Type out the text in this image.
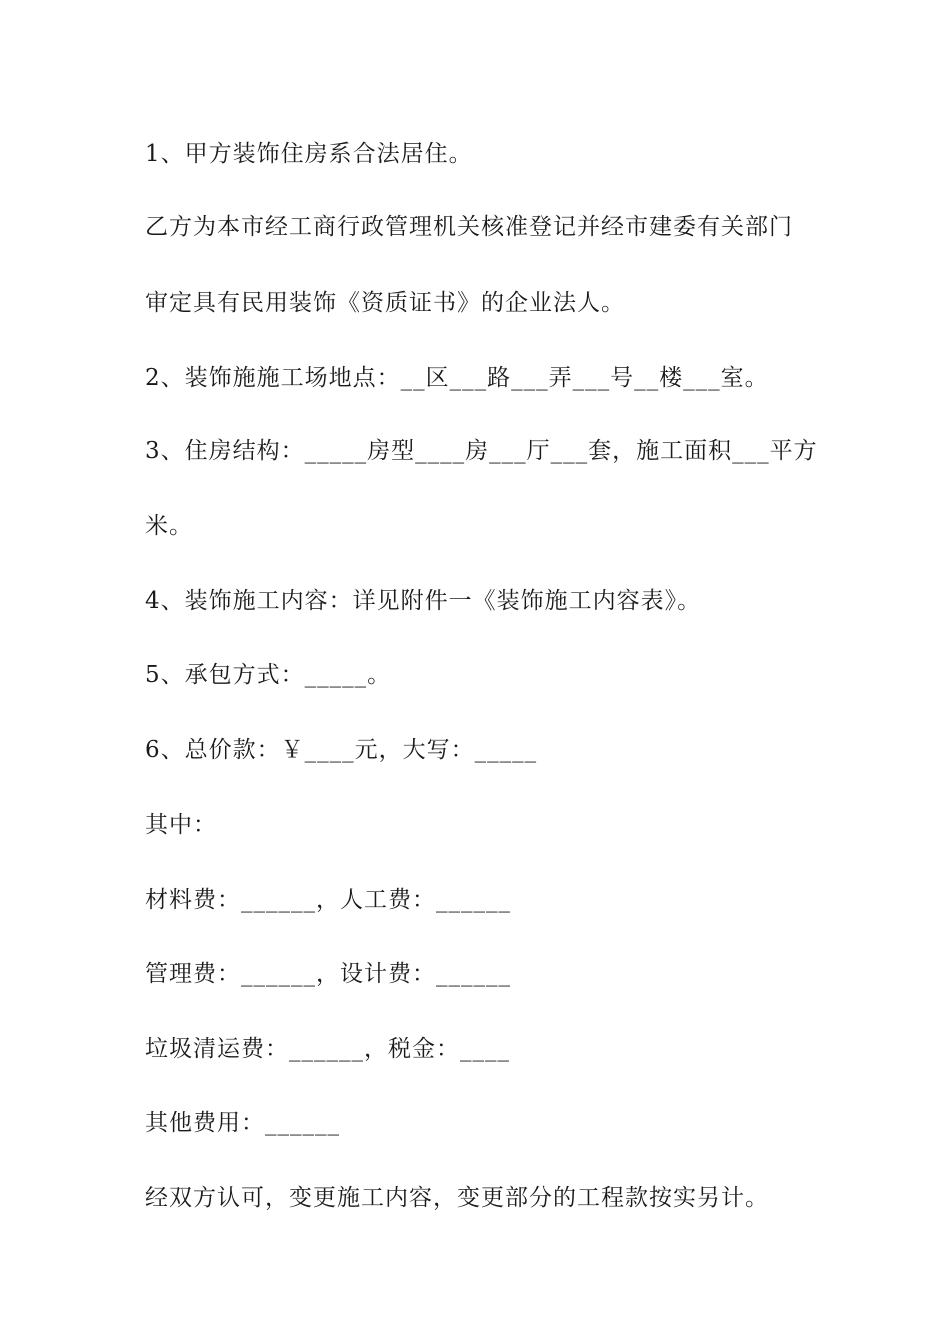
1、甲方装饰住房系合法居住。
乙方为本市经工商行政管理机关核准登记并经市建委有关部门
审定具有民用装饰《资质证书》的企业法人。
2、装饰施施工场地点：__区___路___弄___号__楼___室。
3、住房结构：_____房型____房___厅___套，施工面积___平方
米。
4、装饰施工内容：详见附件一《装饰施工内容表》。
5、承包方式：_____。
6、总价款：￥____元，大写：_____
其中：
材料费：______，人工费：______
管理费：______，设计费：______
垃圾清运费：______，税金：____
其他费用：______
经双方认可，变更施工内容，变更部分的工程款按实另计。
